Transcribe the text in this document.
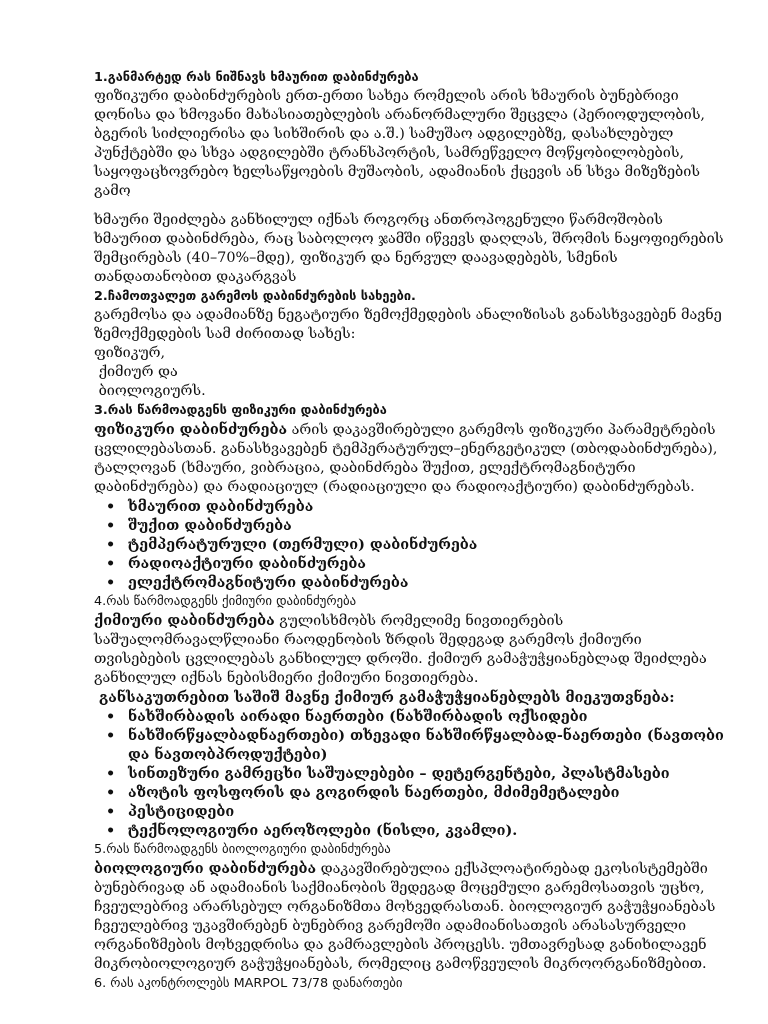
1.განმარტედ რას ნიშნავს ხმაურით დაბინძურება

ფიზიკური დაბინძურების ერთ-ერთი სახეა რომელის არის ხმაურის ბუნებრივი დონისა და ხმოვანი მახასიათებლების არანორმალური შეცვლა (პერიოდულობის, ბგერის სიძლიერისა და სიხშირის და ა.შ.) სამუშაო ადგილებზე, დასახლებულ პუნქტებში და სხვა ადგილებში ტრანსპორტის, სამრეწველო მოწყობილობების, საყოფაცხოვრებო ხელსაწყოების მუშაობის, ადამიანის ქცევის ან სხვა მიზეზების გამო

ხმაური შეიძლება განხილულ იქნას როგორც ანთროპოგენული წარმოშობის ხმაურით დაბინძრება, რაც საბოლოო ჯამში იწვევს დაღლას, შრომის ნაყოფიერების შემცირებას (40–70%–მდე), ფიზიკურ და ნერვულ დაავადებებს, სმენის თანდათანობით დაკარგვას

2.ჩამოთვალეთ გარემოს დაბინძურების სახეები.

გარემოსა და ადამიანზე ნეგატიური ზემოქმედების ანალიზისას განასხვავებენ მავნე ზემოქმედების სამ ძირითად სახეს:

ფიზიკურ,

ქიმიურ და

ბიოლოგიურს.

3.რას წარმოადგენს ფიზიკური დაბინძურება

ფიზიკური დაბინძურება არის დაკავშირებული გარემოს ფიზიკური პარამეტრების ცვლილებასთან. განასხვავებენ ტემპერატურულ–ენერგეტიკულ (თბოდაბინძურება), ტალღოვან (ხმაური, ვიბრაცია, დაბინძრება შუქით, ელექტრომაგნიტური დაბინძურება) და რადიაციულ (რადიაციული და რადიოაქტიური) დაბინძურებას.

• ხმაურით დაბინძურება
• შუქით დაბინძურება
• ტემპერატურული (თერმული) დაბინძურება
• რადიოაქტიური დაბინძურება
• ელექტრომაგნიტური დაბინძურება

4.რას წარმოადგენს ქიმიური დაბინძურება

ქიმიური დაბინძურება გულისხმობს რომელიმე ნივთიერების საშუალომრავალწლიანი რაოდენობის ზრდის შედეგად გარემოს ქიმიური თვისებების ცვლილებას განხილულ დროში. ქიმიურ გამაჭუჭყიანებლად შეიძლება განხილულ იქნას ნებისმიერი ქიმიური ნივთიერება.

განსაკუთრებით საშიშ მავნე ქიმიურ გამაჭუჭყიანებლებს მიეკუთვნება:

• ნახშირბადის აირადი ნაერთები (ნახშირბადის ოქსიდები
• ნახშირწყალბადნაერთები) თხევადი ნახშირწყალბად-ნაერთები (ნავთობი და ნავთობპროდუქტები)
• სინთეზური გამრეცხი საშუალებები – დეტერგენტები, პლასტმასები
• აზოტის ფოსფორის და გოგირდის ნაერთები, მძიმემეტალები
• პესტიციდები
• ტექნოლოგიური აეროზოლები (ნისლი, კვამლი).

5.რას წარმოადგენს ბიოლოგიური დაბინძურება

ბიოლოგიური დაბინძურება დაკავშირებულია ექსპლოატირებად ეკოსისტემებში ბუნებრივად ან ადამიანის საქმიანობის შედეგად მოცემული გარემოსათვის უცხო, ჩვეულებრივ არარსებულ ორგანიზმთა მოხვედრასთან. ბიოლოგიურ გაჭუჭყიანებას ჩვეულებრივ უკავშირებენ ბუნებრივ გარემოში ადამიანისათვის არასასურველი ორგანიზმების მოხვედრისა და გამრავლების პროცესს. უმთავრესად განიხილავენ მიკრობიოლოგიურ გაჭუჭყიანებას, რომელიც გამოწვეულის მიკროორგანიზმებით.

6. რას აკონტროლებს MARPOL 73/78 დანართები
